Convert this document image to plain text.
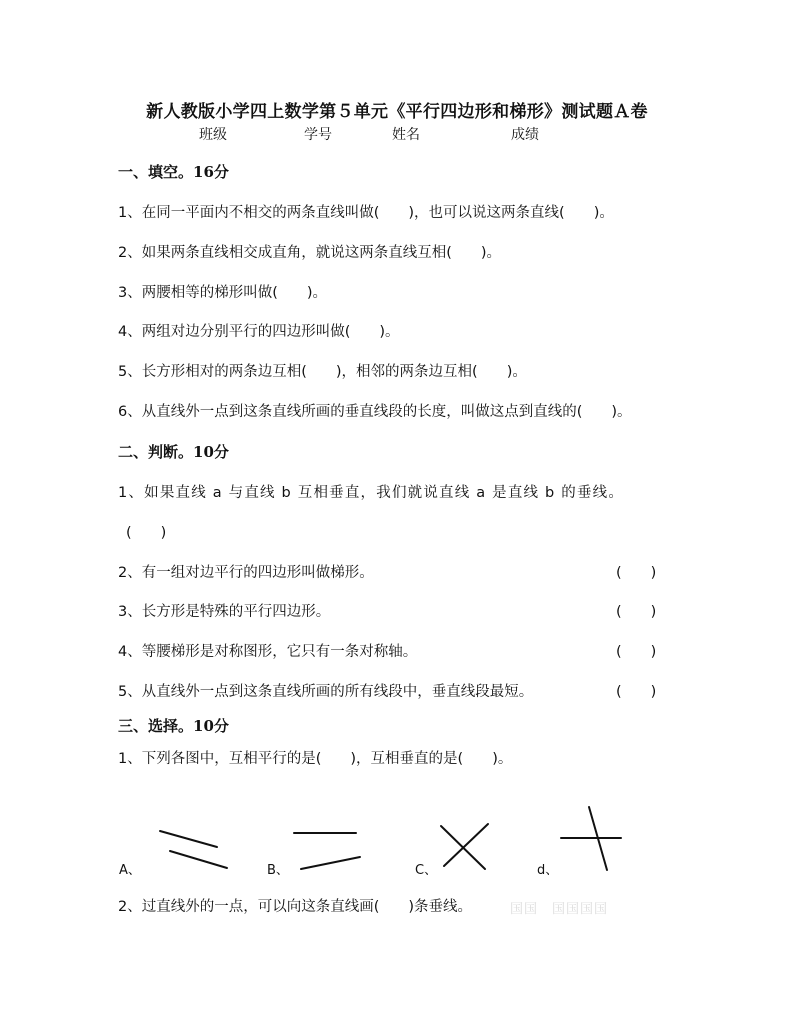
新人教版小学四上数学第５单元《平行四边形和梯形》测试题Ａ卷
班级	学号	姓名	成绩
一、填空。16分
1、在同一平面内不相交的两条直线叫做(　　)，也可以说这两条直线(　　)。
2、如果两条直线相交成直角，就说这两条直线互相(　　)。
3、两腰相等的梯形叫做(　　)。
4、两组对边分别平行的四边形叫做(　　)。
5、长方形相对的两条边互相(　　)，相邻的两条边互相(　　)。
6、从直线外一点到这条直线所画的垂直线段的长度，叫做这点到直线的(　　)。
二、判断。10分
1、如果直线 a 与直线 b 互相垂直，我们就说直线 a 是直线 b 的垂线。
(　　)
2、有一组对边平行的四边形叫做梯形。	(　　)
3、长方形是特殊的平行四边形。	(　　)
4、等腰梯形是对称图形，它只有一条对称轴。	(　　)
5、从直线外一点到这条直线所画的所有线段中，垂直线段最短。	(　　)
三、选择。10分
1、下列各图中，互相平行的是(　　)，互相垂直的是(　　)。
A、	B、	C、	d、
2、过直线外的一点，可以向这条直线画(　　)条垂线。	国国　国国国国
